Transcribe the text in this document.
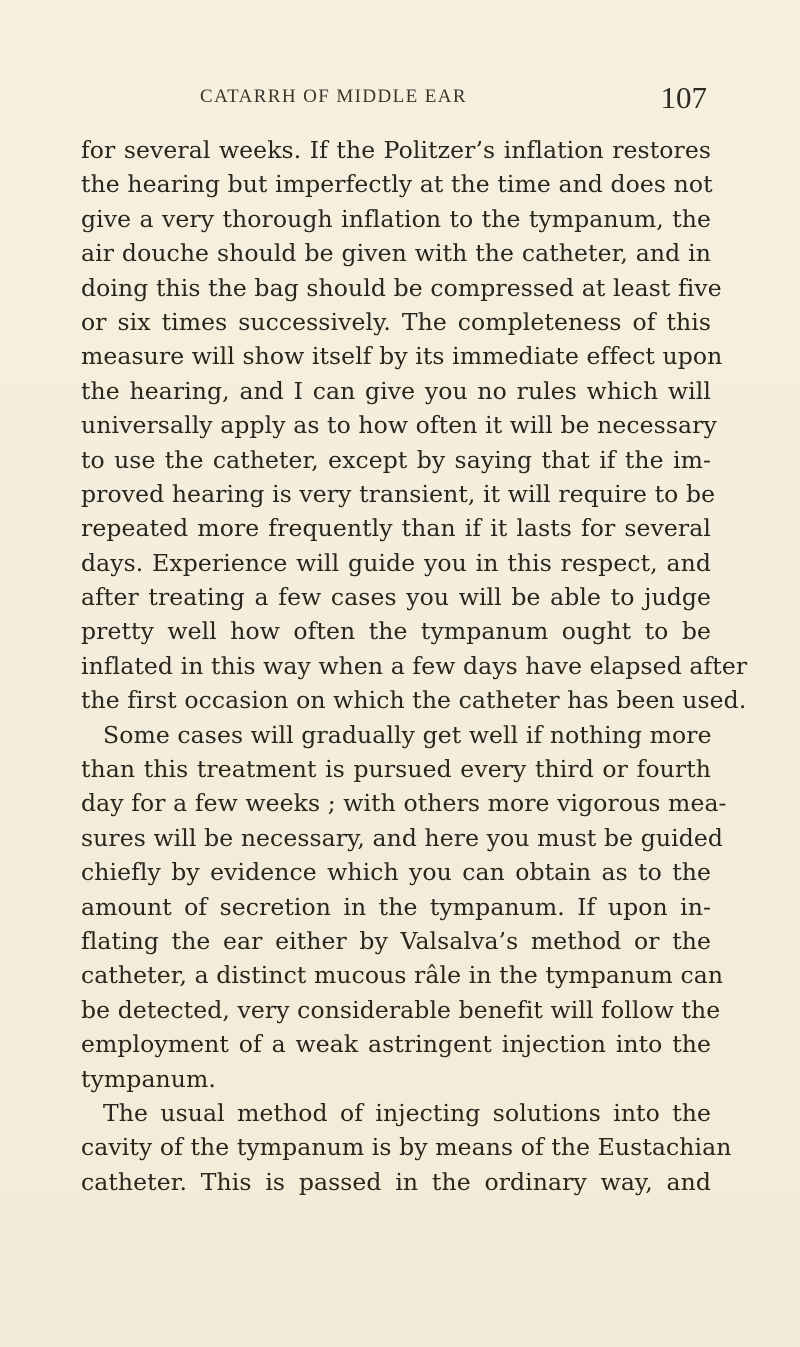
CATARRH OF MIDDLE EAR	107
for several weeks. If the Politzer’s inflation restores
the hearing but imperfectly at the time and does not
give a very thorough inflation to the tympanum, the
air douche should be given with the catheter, and in
doing this the bag should be compressed at least five
or six times successively. The completeness of this
measure will show itself by its immediate effect upon
the hearing, and I can give you no rules which will
universally apply as to how often it will be necessary
to use the catheter, except by saying that if the im-
proved hearing is very transient, it will require to be
repeated more frequently than if it lasts for several
days. Experience will guide you in this respect, and
after treating a few cases you will be able to judge
pretty well how often the tympanum ought to be
inflated in this way when a few days have elapsed after
the first occasion on which the catheter has been used.
Some cases will gradually get well if nothing more
than this treatment is pursued every third or fourth
day for a few weeks ; with others more vigorous mea-
sures will be necessary, and here you must be guided
chiefly by evidence which you can obtain as to the
amount of secretion in the tympanum. If upon in-
flating the ear either by Valsalva’s method or the
catheter, a distinct mucous râle in the tympanum can
be detected, very considerable benefit will follow the
employment of a weak astringent injection into the
tympanum.
The usual method of injecting solutions into the
cavity of the tympanum is by means of the Eustachian
catheter. This is passed in the ordinary way, and
